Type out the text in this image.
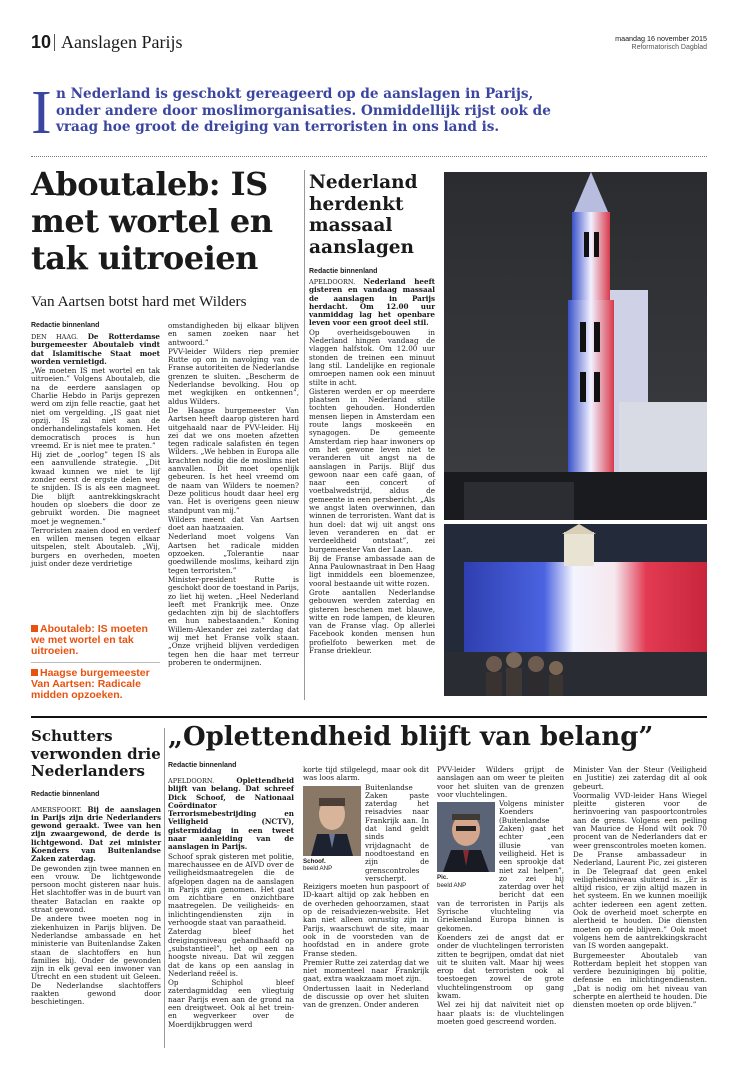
10 Aanslagen Parijs	maandag 16 november 2015
Reformatorisch Dagblad
I n Nederland is geschokt gereageerd op de aanslagen in Parijs, onder andere door moslimorganisaties. Onmiddellijk rijst ook de vraag hoe groot de dreiging van terroristen in ons land is.
Aboutaleb: IS met wortel en tak uitroeien
Van Aartsen botst hard met Wilders
Redactie binnenland

DEN HAAG. De Rotterdamse burgemeester Aboutaleb vindt dat Islamitische Staat moet worden vernietigd.

„We moeten IS met wortel en tak uitroeien.” Volgens Aboutaleb, die na de eerdere aanslagen op Charlie Hebdo in Parijs geprezen werd om zijn felle reactie, gaat het niet om vergelding. „IS gaat niet opzij. IS zal niet aan de onderhandelingstafels komen. Het democratisch proces is hun vreemd. Er is niet mee te praten.”

Hij ziet de „oorlog” tegen IS als een aanvullende strategie. „Dit kwaad kunnen we niet te lijf zonder eerst de ergste delen weg te snijden. IS is als een magneet. Die blijft aantrekkingskracht houden op sloebers die door ze gebruikt worden. Die magneet moet je wegnemen.”

Terroristen zaaien dood en verderf en willen mensen tegen elkaar uitspelen, stelt Aboutaleb. „Wij, burgers en overheden, moeten juist onder deze verdrietige

Aboutaleb: IS moeten we met wortel en tak uitroeien.
Haagse burgemeester Van Aartsen: Radicale midden opzoeken.

omstandigheden bij elkaar blijven en samen zoeken naar het antwoord.”

PVV-leider Wilders riep premier Rutte op om in navolging van de Franse autoriteiten de Nederlandse grenzen te sluiten. „Bescherm de Nederlandse bevolking. Hou op met wegkijken en ontkennen”, aldus Wilders.

De Haagse burgemeester Van Aartsen heeft daarop gisteren hard uitgehaald naar de PVV-leider. Hij zei dat we ons moeten afzetten tegen radicale salafisten én tegen Wilders. „We hebben in Europa alle krachten nodig die de moslims niet aanvallen. Dit moet openlijk gebeuren. Is het heel vreemd om de naam van Wilders te noemen? Deze politicus houdt daar heel erg van. Het is overigens geen nieuw standpunt van mij.”

Wilders meent dat Van Aartsen doet aan haatzaaien.

Nederland moet volgens Van Aartsen het radicale midden opzoeken. „Tolerantie naar goedwillende moslims, keihard zijn tegen terroristen.”

Minister-president Rutte is geschokt door de toestand in Parijs, zo liet hij weten. „Heel Nederland leeft met Frankrijk mee. Onze gedachten zijn bij de slachtoffers en hun nabestaanden.” Koning Willem-Alexander zei zaterdag dat wij met het Franse volk staan. „Onze vrijheid blijven verdedigen tegen hen die haar met terreur proberen te ondermijnen.

Nederland herdenkt massaal aanslagen
Redactie binnenland

APELDOORN. Nederland heeft gisteren en vandaag massaal de aanslagen in Parijs herdacht. Om 12.00 uur vanmiddag lag het openbare leven voor een groot deel stil.

Op overheidsgebouwen in Nederland hingen vandaag de vlaggen halfstok. Om 12.00 uur stonden de treinen een minuut lang stil. Landelijke en regionale omroepen namen ook een minuut stilte in acht.

Gisteren werden er op meerdere plaatsen in Nederland stille tochten gehouden. Honderden mensen liepen in Amsterdam een route langs moskeeën en synagogen. De gemeente Amsterdam riep haar inwoners op om het gewone leven niet te veranderen uit angst na de aanslagen in Parijs. Blijf dus gewoon naar een café gaan, of naar een concert of voetbalwedstrijd, aldus de gemeente in een persbericht. „Als we angst laten overwinnen, dan winnen de terroristen. Want dat is hun doel: dat wij uit angst ons leven veranderen en dat er verdeeldheid ontstaat”, zei burgemeester Van der Laan.

Bij de Franse ambassade aan de Anna Paulownastraat in Den Haag ligt inmiddels een bloemenzee, vooral bestaande uit witte rozen.

Grote aantallen Nederlandse gebouwen werden zaterdag en gisteren beschenen met blauwe, witte en rode lampen, de kleuren van de Franse vlag. Op allerlei Facebook konden mensen hun profielfoto bewerken met de Franse driekleur.

Schutters verwonden drie Nederlanders
Redactie binnenland

AMERSFOORT. Bij de aanslagen in Parijs zijn drie Nederlanders gewond geraakt. Twee van hen zijn zwaargewond, de derde is lichtgewond. Dat zei minister Koenders van Buitenlandse Zaken zaterdag.

De gewonden zijn twee mannen en een vrouw. De lichtgewonde persoon mocht gisteren naar huis. Het slachtoffer was in de buurt van theater Bataclan en raakte op straat gewond.

De andere twee moeten nog in ziekenhuizen in Parijs blijven. De Nederlandse ambassade en het ministerie van Buitenlandse Zaken staan de slachtoffers en hun families bij. Onder de gewonden zijn in elk geval een inwoner van Utrecht en een student uit Geleen. De Nederlandse slachtoffers raakten gewond door beschietingen.

„Oplettendheid blijft van belang”
Redactie binnenland

APELDOORN.	Oplettendheid blijft van belang. Dat schreef Dick Schoof, de Nationaal Coördinator Terrorismebestrijding en Veiligheid (NCTV), gistermiddag in een tweet naar aanleiding van de aanslagen in Parijs.

Schoof sprak gisteren met politie, marechaussee en de AIVD over de veiligheidsmaatregelen die de afgelopen dagen na de aanslagen in Parijs zijn genomen. Het gaat om zichtbare en onzichtbare maatregelen. De veiligheids- en inlichtingendiensten zijn in verhoogde staat van paraatheid.

Zaterdag bleef het dreigingsniveau gehandhaafd op „substantieel”, het op een na hoogste niveau. Dat wil zeggen dat de kans op een aanslag in Nederland reëel is.

Op Schiphol bleef zaterdagmiddag een vliegtuig naar Parijs even aan de grond na een dreigtweet. Ook al het trein- en wegverkeer over de Moerdijkbruggen werd

korte tijd stilgelegd, maar ook dit was loos alarm.

Schoof.
beeld ANP

Buitenlandse Zaken paste zaterdag het reisadvies naar Frankrijk aan. In dat land geldt sinds vrijdagnacht de noodtoestand en zijn de grenscontroles verscherpt. Reizigers moeten hun paspoort of ID-kaart altijd op zak hebben en de overheden gehoorzamen, staat op de reisadviezen-website. Het kan niet alleen onrustig zijn in Parijs, waarschuwt de site, maar ook in de voorsteden van de hoofdstad en in andere grote Franse steden.

Premier Rutte zei zaterdag dat we niet momenteel naar Frankrijk gaat, extra waakzaam moet zijn.

Ondertussen laait in Nederland de discussie op over het sluiten van de grenzen. Onder anderen

PVV-leider Wilders grijpt de aanslagen aan om weer te pleiten voor het sluiten van de grenzen voor vluchtelingen.

Pic.
beeld ANP

Volgens minister Koenders (Buitenlandse Zaken) gaat het echter „een illusie van veiligheid. Het is een sprookje dat niet zal helpen”, zo zei hij zaterdag over het bericht dat een van de terroristen in Parijs als Syrische vluchteling via Griekenland Europa binnen is gekomen.

Koenders zei de angst dat er onder de vluchtelingen terroristen zitten te begrijpen, omdat dat niet uit te sluiten valt. Maar hij wees erop dat terroristen ook al toestoegen zowel de grote vluchtelingenstroom op gang kwam.

Wel zei hij dat naïviteit niet op haar plaats is: de vluchtelingen moeten goed gescreend worden.

Minister Van der Steur (Veiligheid en Justitie) zei zaterdag dit al ook gebeurt.

Voormalig VVD-leider Hans Wiegel pleitte gisteren voor de herinvoering van paspoortcontroles aan de grens. Volgens een peiling van Maurice de Hond wilt ook 70 procent van de Nederlanders dat er weer grenscontroles moeten komen.

De Franse ambassadeur in Nederland, Laurent Pic, zei gisteren in De Telegraaf dat geen enkel veiligheidsniveau sluitend is. „Er is altijd risico, er zijn altijd mazen in het systeem. En we kunnen moeilijk achter iedereen een agent zetten. Ook de overheid moet scherpte en alertheid te houden. Die diensten moeten op orde blijven.” Ook moet volgens hem de aantrekkingskracht van IS worden aangepakt.

Burgemeester Aboutaleb van Rotterdam bepleit het stoppen van verdere bezuinigingen bij politie, defensie en inlichtingendiensten. „Dat is nodig om het niveau van scherpte en alertheid te houden. Die diensten moeten op orde blijven.”
